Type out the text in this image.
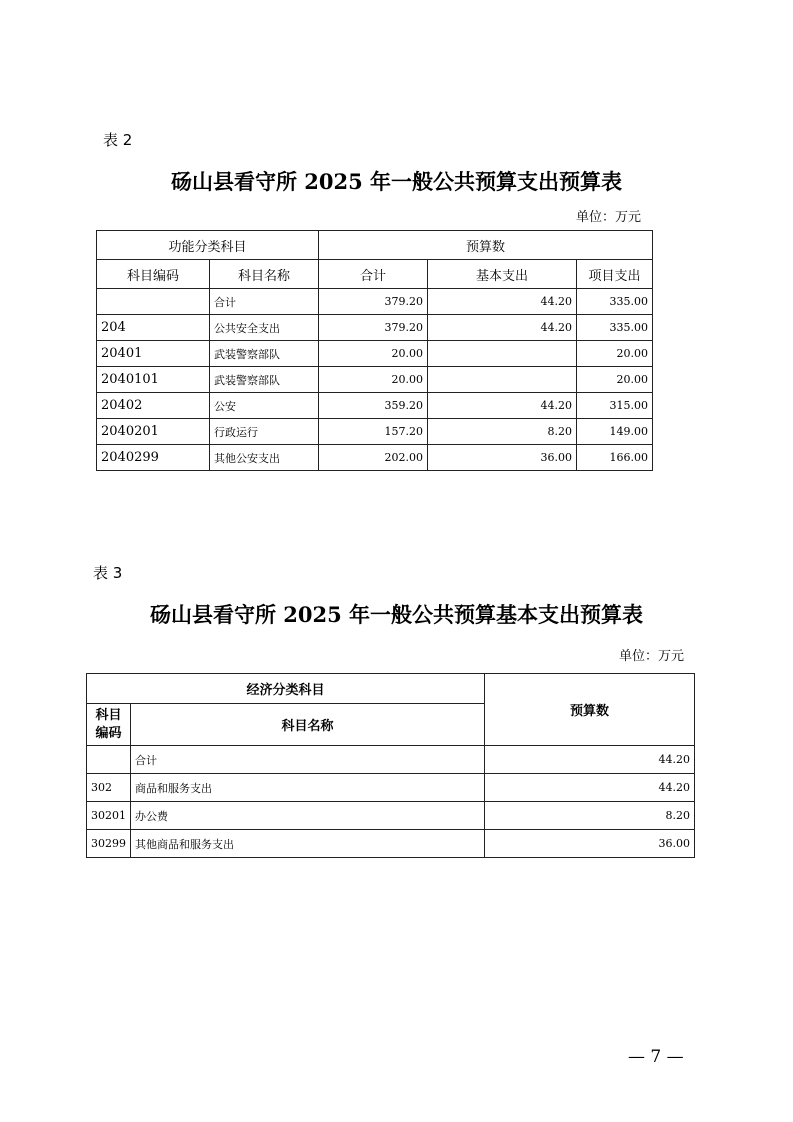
表 2
砀山县看守所 2025 年一般公共预算支出预算表
单位：万元
功能分类科目		预算数		
科目编码	科目名称	合计	基本支出	项目支出
	合计	379.20	44.20	335.00
204	公共安全支出	379.20	44.20	335.00
20401	武装警察部队	20.00		20.00
2040101	武装警察部队	20.00		20.00
20402	公安	359.20	44.20	315.00
2040201	行政运行	157.20	8.20	149.00
2040299	其他公安支出	202.00	36.00	166.00
表 3
砀山县看守所 2025 年一般公共预算基本支出预算表
单位：万元
经济分类科目		预算数

科目
编码	科目名称	
	合计	44.20
302	商品和服务支出	44.20
30201	办公费	8.20
30299	其他商品和服务支出	36.00
— 7 —
